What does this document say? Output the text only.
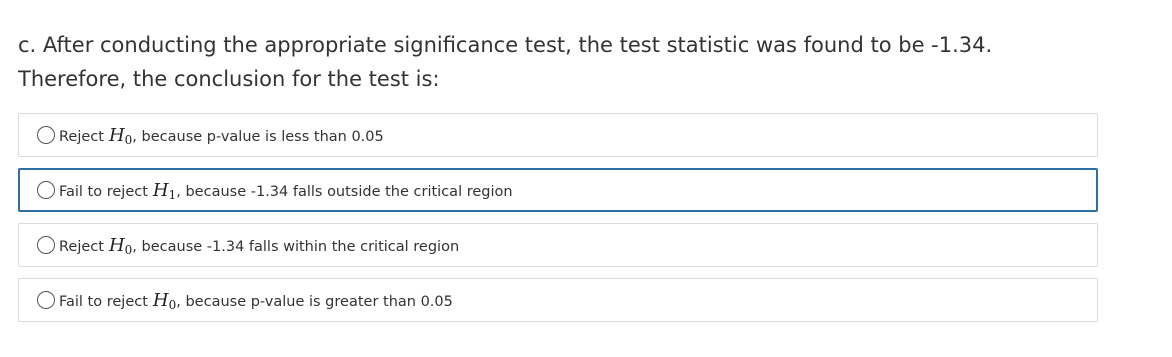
c. After conducting the appropriate significance test, the test statistic was found to be -1.34.
Therefore, the conclusion for the test is:
Reject $H_0$, because p-value is less than 0.05
Fail to reject $H_1$, because -1.34 falls outside the critical region
Reject $H_0$, because -1.34 falls within the critical region
Fail to reject $H_0$, because p-value is greater than 0.05
